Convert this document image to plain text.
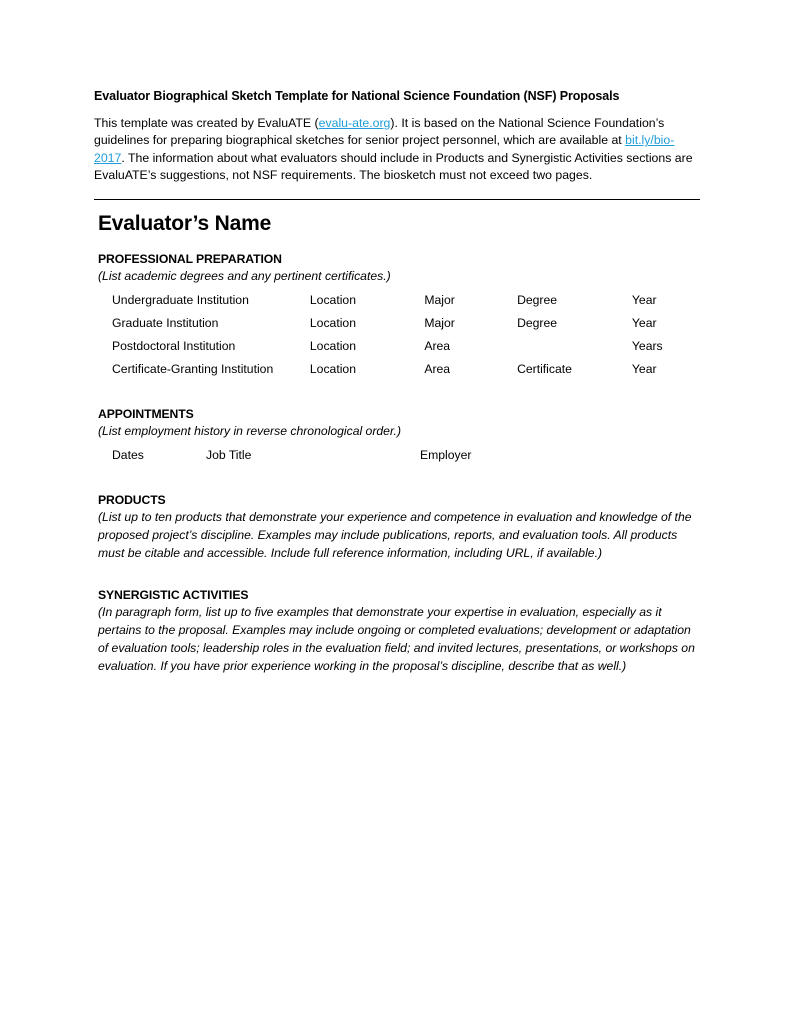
Evaluator Biographical Sketch Template for National Science Foundation (NSF) Proposals

This template was created by EvaluATE (evalu-ate.org). It is based on the National Science Foundation’s guidelines for preparing biographical sketches for senior project personnel, which are available at bit.ly/bio-2017. The information about what evaluators should include in Products and Synergistic Activities sections are EvaluATE’s suggestions, not NSF requirements. The biosketch must not exceed two pages.

Evaluator’s Name
PROFESSIONAL PREPARATION
(List academic degrees and any pertinent certificates.)
Undergraduate Institution	Location	Major	Degree	Year
Graduate Institution	Location	Major	Degree	Year
Postdoctoral Institution	Location	Area		Years
Certificate-Granting Institution	Location	Area	Certificate	Year
APPOINTMENTS
(List employment history in reverse chronological order.)
Dates	Job Title	Employer
PRODUCTS

(List up to ten products that demonstrate your experience and competence in evaluation and knowledge of the proposed project’s discipline. Examples may include publications, reports, and evaluation tools. All products must be citable and accessible. Include full reference information, including URL, if available.)

SYNERGISTIC ACTIVITIES

(In paragraph form, list up to five examples that demonstrate your expertise in evaluation, especially as it pertains to the proposal. Examples may include ongoing or completed evaluations; development or adaptation of evaluation tools; leadership roles in the evaluation field; and invited lectures, presentations, or workshops on evaluation. If you have prior experience working in the proposal’s discipline, describe that as well.)
